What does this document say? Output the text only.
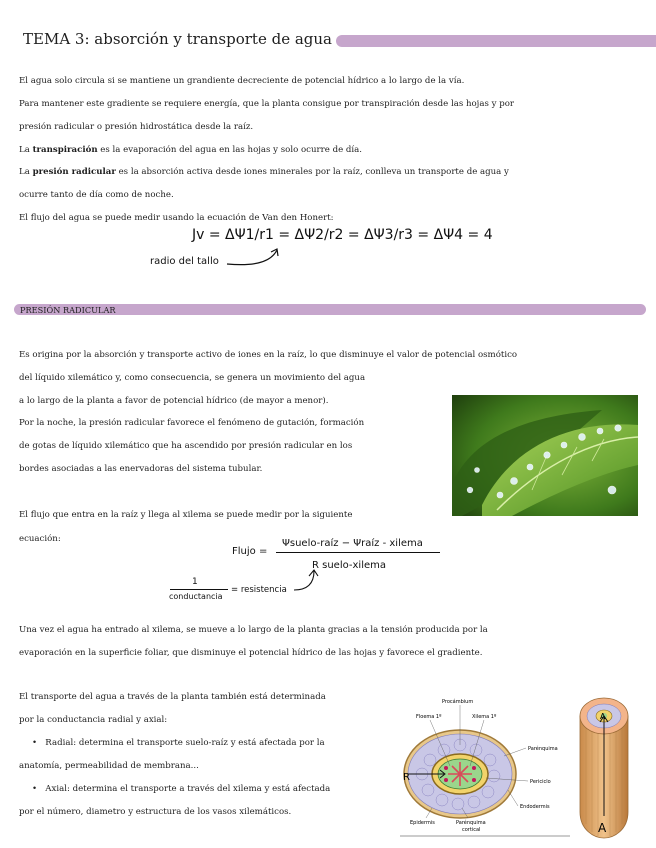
TEMA 3: absorción y transporte de agua
El agua solo circula si se mantiene un grandiente decreciente de potencial hídrico a lo largo de la vía.
Para mantener este gradiente se requiere energía, que la planta consigue por transpiración desde las hojas y por
presión radicular o presión hidrostática desde la raíz.
La transpiración es la evaporación del agua en las hojas y solo ocurre de día.
La presión radicular es la absorción activa desde iones minerales por la raíz, conlleva un transporte de agua y
ocurre tanto de día como de noche.
El flujo del agua se puede medir usando la ecuación de Van den Honert:
Jv = ΔΨ1/r1 = ΔΨ2/r2 = ΔΨ3/r3 = ΔΨ4 = 4
radio del tallo
PRESIÓN RADICULAR
Es origina por la absorción y transporte activo de iones en la raíz, lo que disminuye el valor de potencial osmótico
del líquido xilemático y, como consecuencia, se genera un movimiento del agua
a lo largo de la planta a favor de potencial hídrico (de mayor a menor).
Por la noche, la presión radicular favorece el fenómeno de gutación, formación
de gotas de líquido xilemático que ha ascendido por presión radicular en los
bordes asociadas a las enervadoras del sistema tubular.
El flujo que entra en la raíz y llega al xilema se puede medir por la siguiente
ecuación:
Flujo =
Ψsuelo-raíz − Ψraíz - xilema
R suelo-xilema
1
conductancia
= resistencia
Una vez el agua ha entrado al xilema, se mueve a lo largo de la planta gracias a la tensión producida por la
evaporación en la superficie foliar, que disminuye el potencial hídrico de las hojas y favorece el gradiente.
El transporte del agua a través de la planta también está determinada
por la conductancia radial y axial:
• Radial: determina el transporte suelo-raíz y está afectada por la
anatomía, permeabilidad de membrana...
• Axial: determina el transporte a través del xilema y está afectada
por el número, diametro y estructura de los vasos xilemáticos.
R
Procámbium
Floema 1º	Xilema 1º
Parénquima
Periciclo
Endodermis
Epidermis	Parénquima
cortical
A
A
